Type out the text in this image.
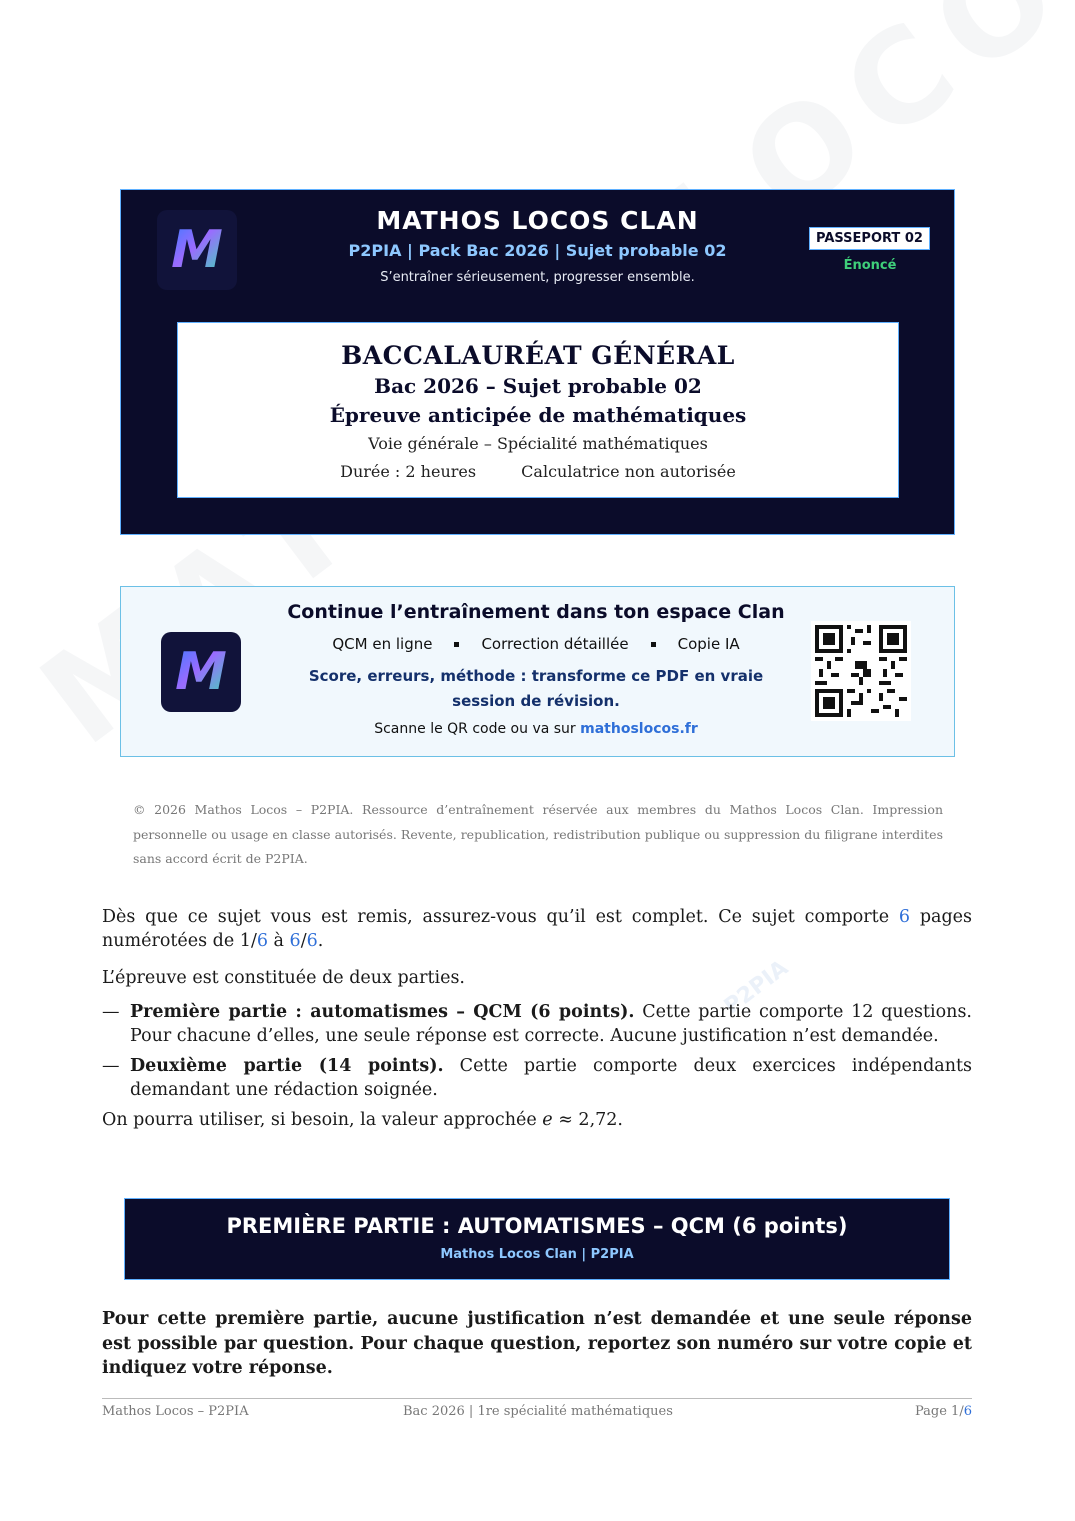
P2PIA
M	MATHOS LOCOS CLAN
P2PIA | Pack Bac 2026 | Sujet probable 02
S’entraîner sérieusement, progresser ensemble.
PASSEPORT 02
Énoncé
BACCALAURÉAT GÉNÉRAL
Bac 2026 – Sujet probable 02
Épreuve anticipée de mathématiques
Voie générale – Spécialité mathématiques
Durée : 2 heures	Calculatrice non autorisée
M
Continue l’entraînement dans ton espace Clan
QCM en ligne	Correction détaillée	Copie IA
Score, erreurs, méthode : transforme ce PDF en vraie session de révision.
Scanne le QR code ou va sur mathoslocos.fr
© 2026 Mathos Locos – P2PIA. Ressource d’entraînement réservée aux membres du Mathos Locos Clan. Impression personnelle ou usage en classe autorisés. Revente, republication, redistribution publique ou suppression du filigrane interdites sans accord écrit de P2PIA.
Dès que ce sujet vous est remis, assurez-vous qu’il est complet. Ce sujet comporte 6 pages numérotées de 1/6 à 6/6.
L’épreuve est constituée de deux parties.
— Première partie : automatismes – QCM (6 points). Cette partie comporte 12 questions. Pour chacune d’elles, une seule réponse est correcte. Aucune justification n’est demandée.
— Deuxième partie (14 points). Cette partie comporte deux exercices indépendants demandant une rédaction soignée.
On pourra utiliser, si besoin, la valeur approchée e ≈ 2,72.
PREMIÈRE PARTIE : AUTOMATISMES – QCM (6 points)
Mathos Locos Clan | P2PIA
Pour cette première partie, aucune justification n’est demandée et une seule réponse est possible par question. Pour chaque question, reportez son numéro sur votre copie et indiquez votre réponse.
Mathos Locos – P2PIA	Bac 2026 | 1re spécialité mathématiques	Page 1/6
